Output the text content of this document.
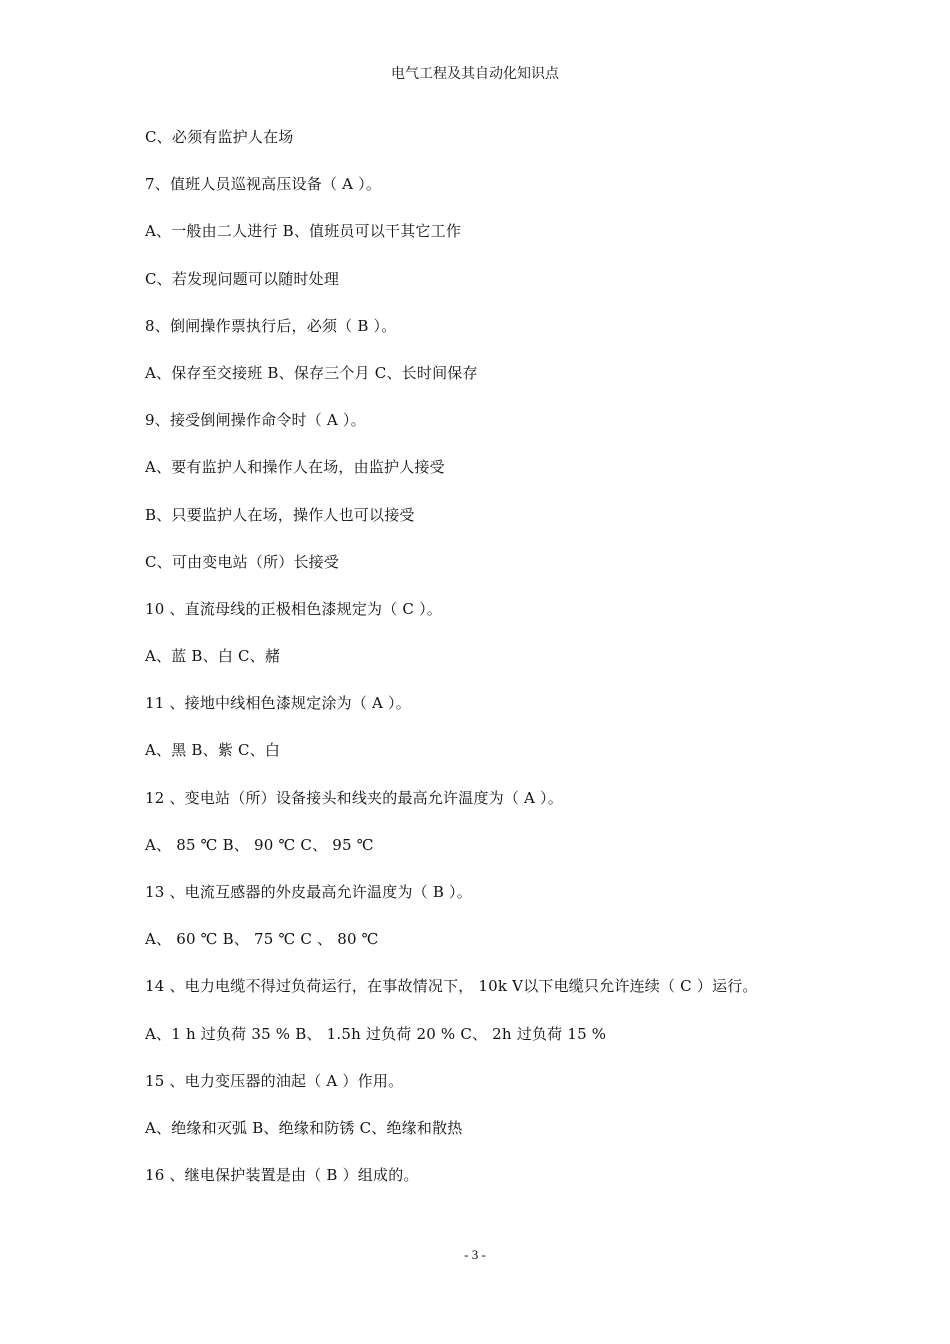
电气工程及其自动化知识点
C、必须有监护人在场
7、值班人员巡视高压设备（ A ）。
A、一般由二人进行 B、值班员可以干其它工作
C、若发现问题可以随时处理
8、倒闸操作票执行后，必须（ B ）。
A、保存至交接班 B、保存三个月 C、长时间保存
9、接受倒闸操作命令时（ A ）。
A、要有监护人和操作人在场，由监护人接受
B、只要监护人在场，操作人也可以接受
C、可由变电站（所）长接受
10 、直流母线的正极相色漆规定为（ C ）。
A、蓝 B、白 C、赭
11 、接地中线相色漆规定涂为（ A ）。
A、黑 B、紫 C、白
12 、变电站（所）设备接头和线夹的最高允许温度为（ A ）。
A、 85 ℃ B、 90 ℃ C、 95 ℃
13 、电流互感器的外皮最高允许温度为（ B ）。
A、 60 ℃ B、 75 ℃ C 、 80 ℃
14 、电力电缆不得过负荷运行，在事故情况下， 10k V以下电缆只允许连续（ C ）运行。
A、1 h 过负荷 35 % B、 1.5h 过负荷 20 % C、 2h 过负荷 15 %
15 、电力变压器的油起（ A ）作用。
A、绝缘和灭弧 B、绝缘和防锈 C、绝缘和散热
16 、继电保护装置是由（ B ）组成的。
- 3 -
